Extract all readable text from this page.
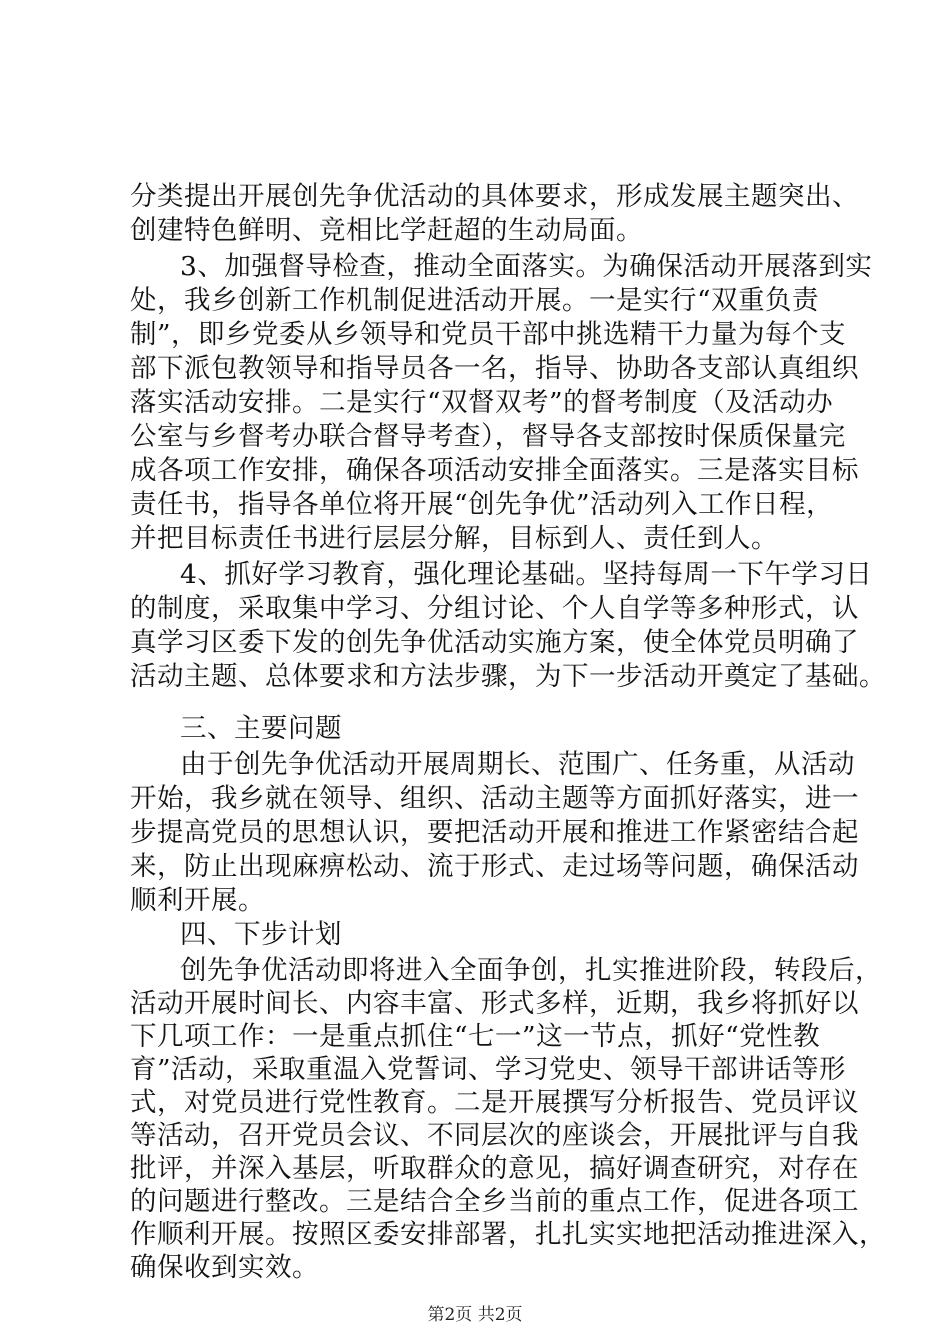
分类提出开展创先争优活动的具体要求，形成发展主题突出、
创建特色鲜明、竞相比学赶超的生动局面。
3、加强督导检查，推动全面落实。为确保活动开展落到实
处，我乡创新工作机制促进活动开展。一是实行“双重负责
制”，即乡党委从乡领导和党员干部中挑选精干力量为每个支
部下派包教领导和指导员各一名，指导、协助各支部认真组织
落实活动安排。二是实行“双督双考”的督考制度（及活动办
公室与乡督考办联合督导考查），督导各支部按时保质保量完
成各项工作安排，确保各项活动安排全面落实。三是落实目标
责任书，指导各单位将开展“创先争优”活动列入工作日程，
并把目标责任书进行层层分解，目标到人、责任到人。
4、抓好学习教育，强化理论基础。坚持每周一下午学习日
的制度，采取集中学习、分组讨论、个人自学等多种形式，认
真学习区委下发的创先争优活动实施方案，使全体党员明确了
活动主题、总体要求和方法步骤，为下一步活动开奠定了基础。
三、主要问题
由于创先争优活动开展周期长、范围广、任务重，从活动
开始，我乡就在领导、组织、活动主题等方面抓好落实，进一
步提高党员的思想认识，要把活动开展和推进工作紧密结合起
来，防止出现麻痹松动、流于形式、走过场等问题，确保活动
顺利开展。
四、下步计划
创先争优活动即将进入全面争创，扎实推进阶段，转段后，
活动开展时间长、内容丰富、形式多样，近期，我乡将抓好以
下几项工作：一是重点抓住“七一”这一节点，抓好“党性教
育”活动，采取重温入党誓词、学习党史、领导干部讲话等形
式，对党员进行党性教育。二是开展撰写分析报告、党员评议
等活动，召开党员会议、不同层次的座谈会，开展批评与自我
批评，并深入基层，听取群众的意见，搞好调查研究，对存在
的问题进行整改。三是结合全乡当前的重点工作，促进各项工
作顺利开展。按照区委安排部署，扎扎实实地把活动推进深入，
第2页 共2页
确保收到实效。
